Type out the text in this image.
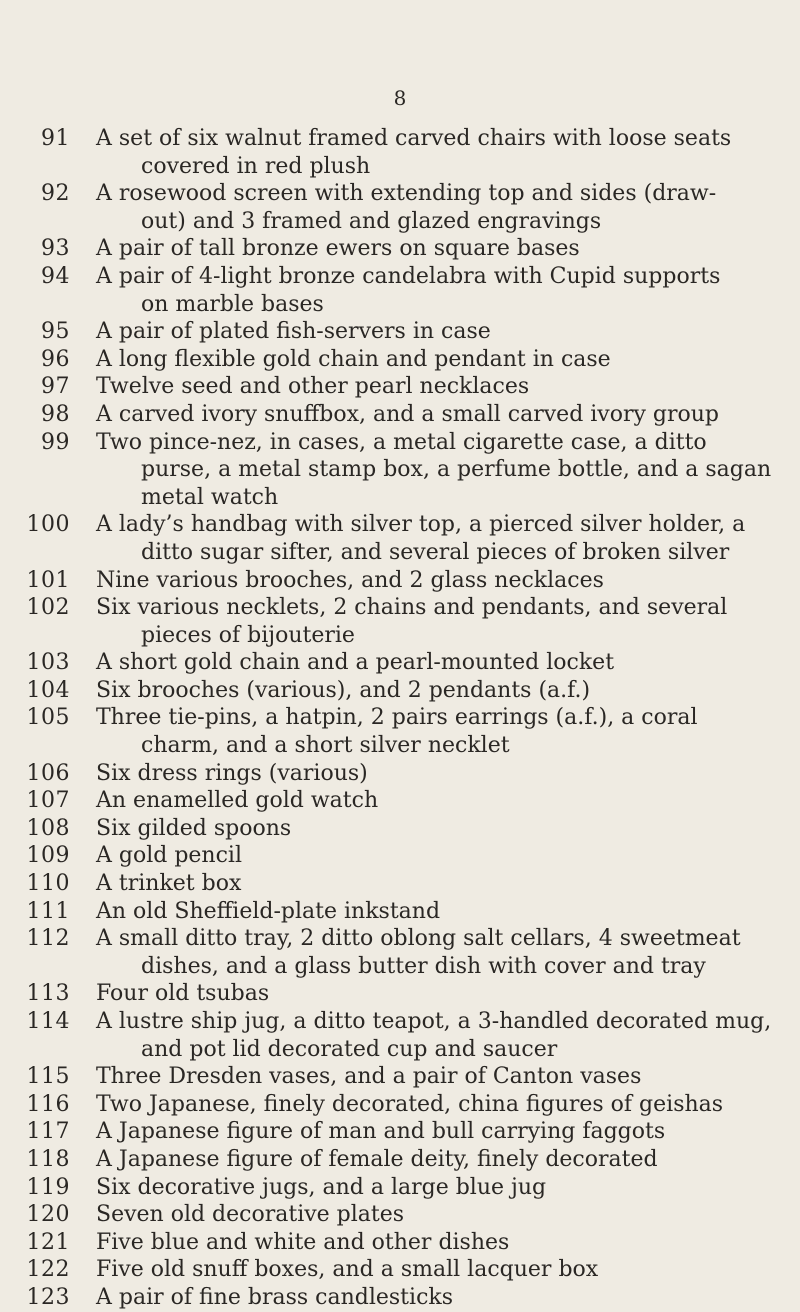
8
91 A set of six walnut framed carved chairs with loose seats
covered in red plush
92 A rosewood screen with extending top and sides (draw-
out) and 3 framed and glazed engravings
93 A pair of tall bronze ewers on square bases
94 A pair of 4-light bronze candelabra with Cupid supports
on marble bases
95 A pair of plated fish-servers in case
96 A long flexible gold chain and pendant in case
97 Twelve seed and other pearl necklaces
98 A carved ivory snuffbox, and a small carved ivory group
99 Two pince-nez, in cases, a metal cigarette case, a ditto
purse, a metal stamp box, a perfume bottle, and a sagan
metal watch
100 A lady’s handbag with silver top, a pierced silver holder, a
ditto sugar sifter, and several pieces of broken silver
101 Nine various brooches, and 2 glass necklaces
102 Six various necklets, 2 chains and pendants, and several
pieces of bijouterie
103 A short gold chain and a pearl-mounted locket
104 Six brooches (various), and 2 pendants (a.f.)
105 Three tie-pins, a hatpin, 2 pairs earrings (a.f.), a coral
charm, and a short silver necklet
106 Six dress rings (various)
107 An enamelled gold watch
108 Six gilded spoons
109 A gold pencil
110 A trinket box
111 An old Sheffield-plate inkstand
112 A small ditto tray, 2 ditto oblong salt cellars, 4 sweetmeat
dishes, and a glass butter dish with cover and tray
113 Four old tsubas
114 A lustre ship jug, a ditto teapot, a 3-handled decorated mug,
and pot lid decorated cup and saucer
115 Three Dresden vases, and a pair of Canton vases
116 Two Japanese, finely decorated, china figures of geishas
117 A Japanese figure of man and bull carrying faggots
118 A Japanese figure of female deity, finely decorated
119 Six decorative jugs, and a large blue jug
120 Seven old decorative plates
121 Five blue and white and other dishes
122 Five old snuff boxes, and a small lacquer box
123 A pair of fine brass candlesticks
